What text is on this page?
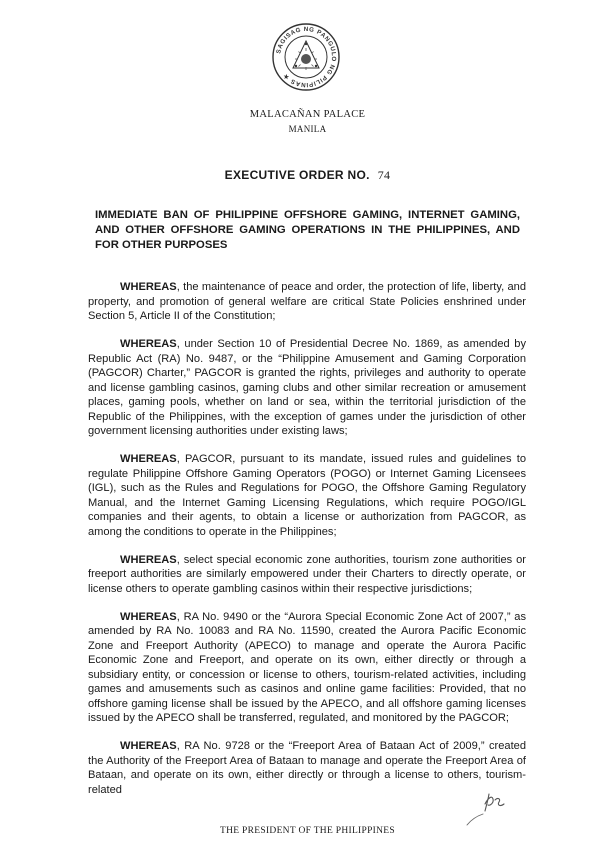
SAGISAG NG PANGULO NG PILIPINAS ★
MALACAÑAN PALACE
MANILA
EXECUTIVE ORDER NO. 74
IMMEDIATE BAN OF PHILIPPINE OFFSHORE GAMING, INTERNET GAMING, AND OTHER OFFSHORE GAMING OPERATIONS IN THE PHILIPPINES, AND FOR OTHER PURPOSES

WHEREAS, the maintenance of peace and order, the protection of life, liberty, and property, and promotion of general welfare are critical State Policies enshrined under Section 5, Article II of the Constitution;

WHEREAS, under Section 10 of Presidential Decree No. 1869, as amended by Republic Act (RA) No. 9487, or the “Philippine Amusement and Gaming Corporation (PAGCOR) Charter,” PAGCOR is granted the rights, privileges and authority to operate and license gambling casinos, gaming clubs and other similar recreation or amusement places, gaming pools, whether on land or sea, within the territorial jurisdiction of the Republic of the Philippines, with the exception of games under the jurisdiction of other government licensing authorities under existing laws;

WHEREAS, PAGCOR, pursuant to its mandate, issued rules and guidelines to regulate Philippine Offshore Gaming Operators (POGO) or Internet Gaming Licensees (IGL), such as the Rules and Regulations for POGO, the Offshore Gaming Regulatory Manual, and the Internet Gaming Licensing Regulations, which require POGO/IGL companies and their agents, to obtain a license or authorization from PAGCOR, as among the conditions to operate in the Philippines;

WHEREAS, select special economic zone authorities, tourism zone authorities or freeport authorities are similarly empowered under their Charters to directly operate, or license others to operate gambling casinos within their respective jurisdictions;

WHEREAS, RA No. 9490 or the “Aurora Special Economic Zone Act of 2007,” as amended by RA No. 10083 and RA No. 11590, created the Aurora Pacific Economic Zone and Freeport Authority (APECO) to manage and operate the Aurora Pacific Economic Zone and Freeport, and operate on its own, either directly or through a subsidiary entity, or concession or license to others, tourism-related activities, including games and amusements such as casinos and online game facilities: Provided, that no offshore gaming license shall be issued by the APECO, and all offshore gaming licenses issued by the APECO shall be transferred, regulated, and monitored by the PAGCOR;

WHEREAS, RA No. 9728 or the “Freeport Area of Bataan Act of 2009,” created the Authority of the Freeport Area of Bataan to manage and operate the Freeport Area of Bataan, and operate on its own, either directly or through a license to others, tourism-related

THE PRESIDENT OF THE PHILIPPINES
